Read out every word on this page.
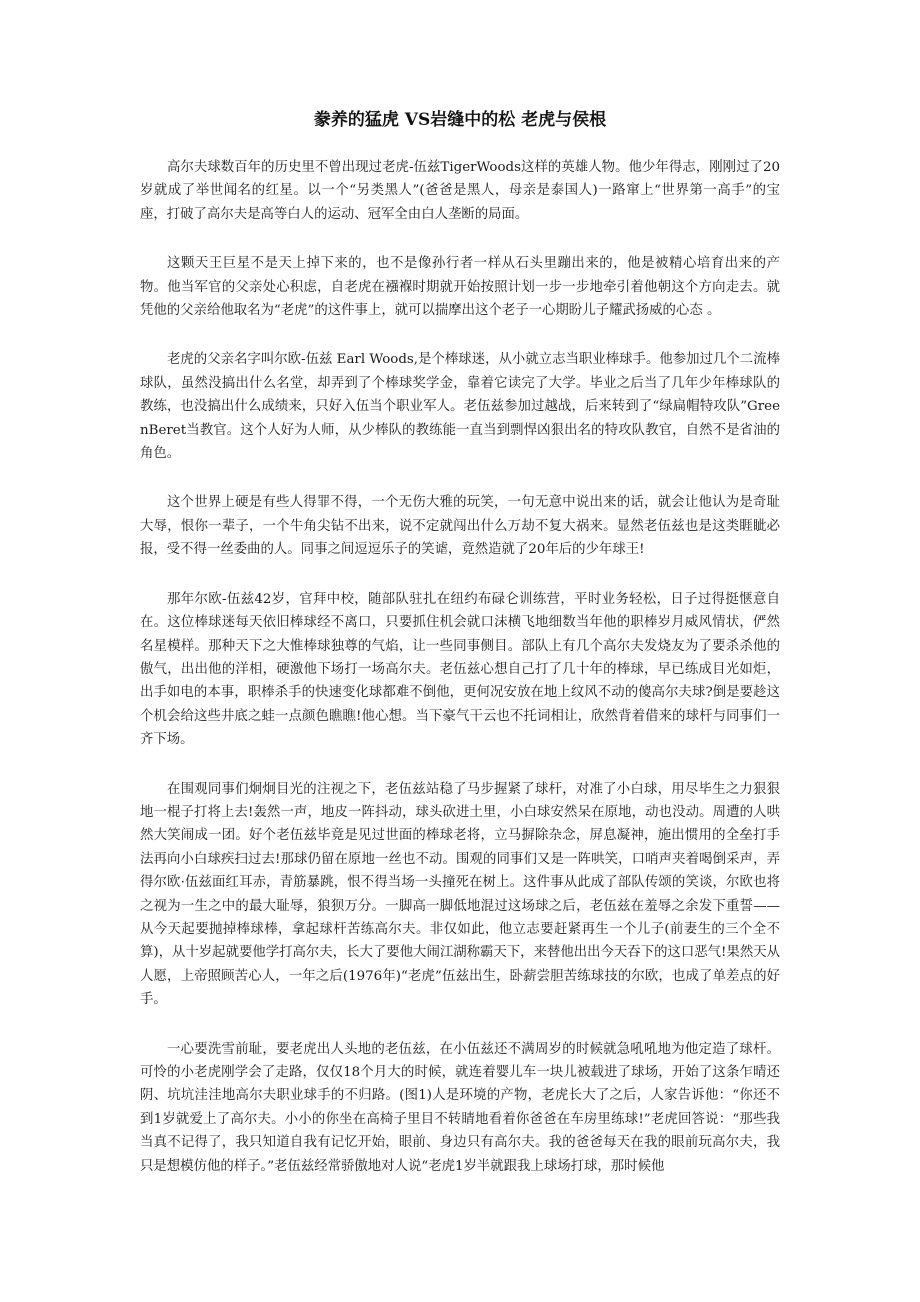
豢养的猛虎 VS岩缝中的松 老虎与侯根

高尔夫球数百年的历史里不曾出现过老虎-伍兹TigerWoods这样的英雄人物。他少年得志，刚刚过了20岁就成了举世闻名的红星。以一个“另类黑人”(爸爸是黑人，母亲是泰国人)一路窜上“世界第一高手”的宝座，打破了高尔夫是高等白人的运动、冠军全由白人垄断的局面。

这颗天王巨星不是天上掉下来的，也不是像孙行者一样从石头里蹦出来的，他是被精心培育出来的产物。他当军官的父亲处心积虑，自老虎在襁褓时期就开始按照计划一步一步地牵引着他朝这个方向走去。就凭他的父亲给他取名为“老虎”的这件事上，就可以揣摩出这个老子一心期盼儿子耀武扬威的心态 。

老虎的父亲名字叫尔欧-伍兹 Earl Woods,是个棒球迷，从小就立志当职业棒球手。他参加过几个二流棒球队，虽然没搞出什么名堂，却弄到了个棒球奖学金，靠着它读完了大学。毕业之后当了几年少年棒球队的教练，也没搞出什么成绩来，只好入伍当个职业军人。老伍兹参加过越战，后来转到了“绿扁帽特攻队”GreenBeret当教官。这个人好为人师，从少棒队的教练能一直当到剽悍凶狠出名的特攻队教官，自然不是省油的角色。

这个世界上硬是有些人得罪不得，一个无伤大雅的玩笑，一句无意中说出来的话，就会让他认为是奇耻大辱，恨你一辈子，一个牛角尖钻不出来，说不定就闯出什么万劫不复大祸来。显然老伍兹也是这类睚眦必报，受不得一丝委曲的人。同事之间逗逗乐子的笑谑，竟然造就了20年后的少年球王!

那年尔欧-伍兹42岁，官拜中校，随部队驻扎在纽约布碌仑训练营，平时业务轻松，日子过得挺惬意自在。这位棒球迷每天依旧棒球经不离口，只要抓住机会就口沫横飞地细数当年他的职棒岁月威风情状，俨然名星模样。那种天下之大惟棒球独尊的气焰，让一些同事侧目。部队上有几个高尔夫发烧友为了要杀杀他的傲气，出出他的洋相，硬激他下场打一场高尔夫。老伍兹心想自己打了几十年的棒球，早已练成目光如炬，出手如电的本事，职棒杀手的快速变化球都难不倒他，更何况安放在地上纹风不动的傻高尔夫球?倒是要趁这个机会给这些井底之蛙一点颜色瞧瞧!他心想。当下豪气干云也不托词相让，欣然背着借来的球杆与同事们一齐下场。

在围观同事们炯炯目光的注视之下，老伍兹站稳了马步握紧了球杆，对准了小白球，用尽毕生之力狠狠地一棍子打将上去!轰然一声，地皮一阵抖动，球头砍进土里，小白球安然呆在原地，动也没动。周遭的人哄然大笑闹成一团。好个老伍兹毕竟是见过世面的棒球老将，立马摒除杂念，屏息凝神，施出惯用的全垒打手法再向小白球疾扫过去!那球仍留在原地一丝也不动。围观的同事们又是一阵哄笑，口哨声夹着喝倒采声，弄得尔欧·伍兹面红耳赤，青筋暴跳，恨不得当场一头撞死在树上。这件事从此成了部队传颂的笑谈，尔欧也将之视为一生之中的最大耻辱，狼狈万分。一脚高一脚低地混过这场球之后，老伍兹在羞辱之余发下重誓——从今天起要抛掉棒球棒，拿起球杆苦练高尔夫。非仅如此，他立志要赶紧再生一个儿子(前妻生的三个全不算)，从十岁起就要他学打高尔夫，长大了要他大闹江湖称霸天下，来替他出出今天吞下的这口恶气!果然天从人愿，上帝照顾苦心人，一年之后(1976年)“老虎”伍兹出生，卧薪尝胆苦练球技的尔欧，也成了单差点的好手。

一心要洗雪前耻，要老虎出人头地的老伍兹，在小伍兹还不满周岁的时候就急吼吼地为他定造了球杆。可怜的小老虎刚学会了走路，仅仅18个月大的时候，就连着婴儿车一块儿被载进了球场，开始了这条乍晴还阴、坑坑洼洼地高尔夫职业球手的不归路。(图1)人是环境的产物，老虎长大了之后，人家告诉他：“你还不到1岁就爱上了高尔夫。小小的你坐在高椅子里目不转睛地看着你爸爸在车房里练球!”老虎回答说：“那些我当真不记得了，我只知道自我有记忆开始，眼前、身边只有高尔夫。我的爸爸每天在我的眼前玩高尔夫，我只是想模仿他的样子。”老伍兹经常骄傲地对人说“老虎1岁半就跟我上球场打球，那时候他
